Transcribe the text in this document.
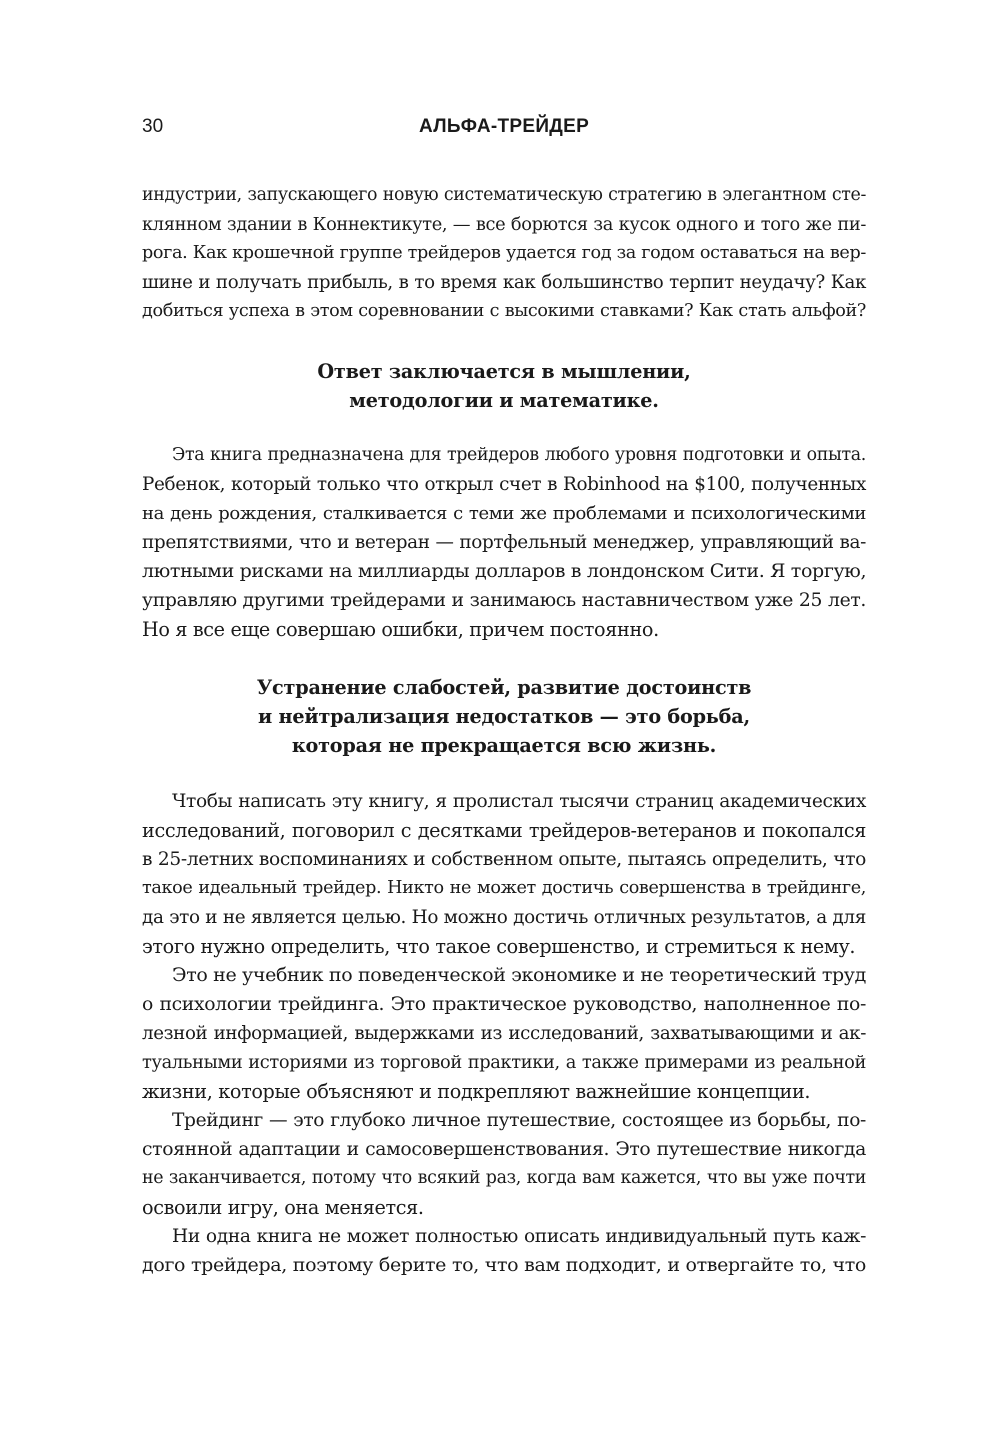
30	АЛЬФА-ТРЕЙДЕР
индустрии, запускающего новую систематическую стратегию в элегантном сте-
клянном здании в Коннектикуте, — все борются за кусок одного и того же пи-
рога. Как крошечной группе трейдеров удается год за годом оставаться на вер-
шине и получать прибыль, в то время как большинство терпит неудачу? Как
добиться успеха в этом соревновании с высокими ставками? Как стать альфой?
Ответ заключается в мышлении,
методологии и математике.
Эта книга предназначена для трейдеров любого уровня подготовки и опыта.
Ребенок, который только что открыл счет в Robinhood на $100, полученных
на день рождения, сталкивается с теми же проблемами и психологическими
препятствиями, что и ветеран — портфельный менеджер, управляющий ва-
лютными рисками на миллиарды долларов в лондонском Сити. Я торгую,
управляю другими трейдерами и занимаюсь наставничеством уже 25 лет.
Но я все еще совершаю ошибки, причем постоянно.
Устранение слабостей, развитие достоинств
и нейтрализация недостатков — это борьба,
которая не прекращается всю жизнь.
Чтобы написать эту книгу, я пролистал тысячи страниц академических
исследований, поговорил с десятками трейдеров-ветеранов и покопался
в 25-летних воспоминаниях и собственном опыте, пытаясь определить, что
такое идеальный трейдер. Никто не может достичь совершенства в трейдинге,
да это и не является целью. Но можно достичь отличных результатов, а для
этого нужно определить, что такое совершенство, и стремиться к нему.
Это не учебник по поведенческой экономике и не теоретический труд
о психологии трейдинга. Это практическое руководство, наполненное по-
лезной информацией, выдержками из исследований, захватывающими и ак-
туальными историями из торговой практики, а также примерами из реальной
жизни, которые объясняют и подкрепляют важнейшие концепции.
Трейдинг — это глубоко личное путешествие, состоящее из борьбы, по-
стоянной адаптации и самосовершенствования. Это путешествие никогда
не заканчивается, потому что всякий раз, когда вам кажется, что вы уже почти
освоили игру, она меняется.
Ни одна книга не может полностью описать индивидуальный путь каж-
дого трейдера, поэтому берите то, что вам подходит, и отвергайте то, что
